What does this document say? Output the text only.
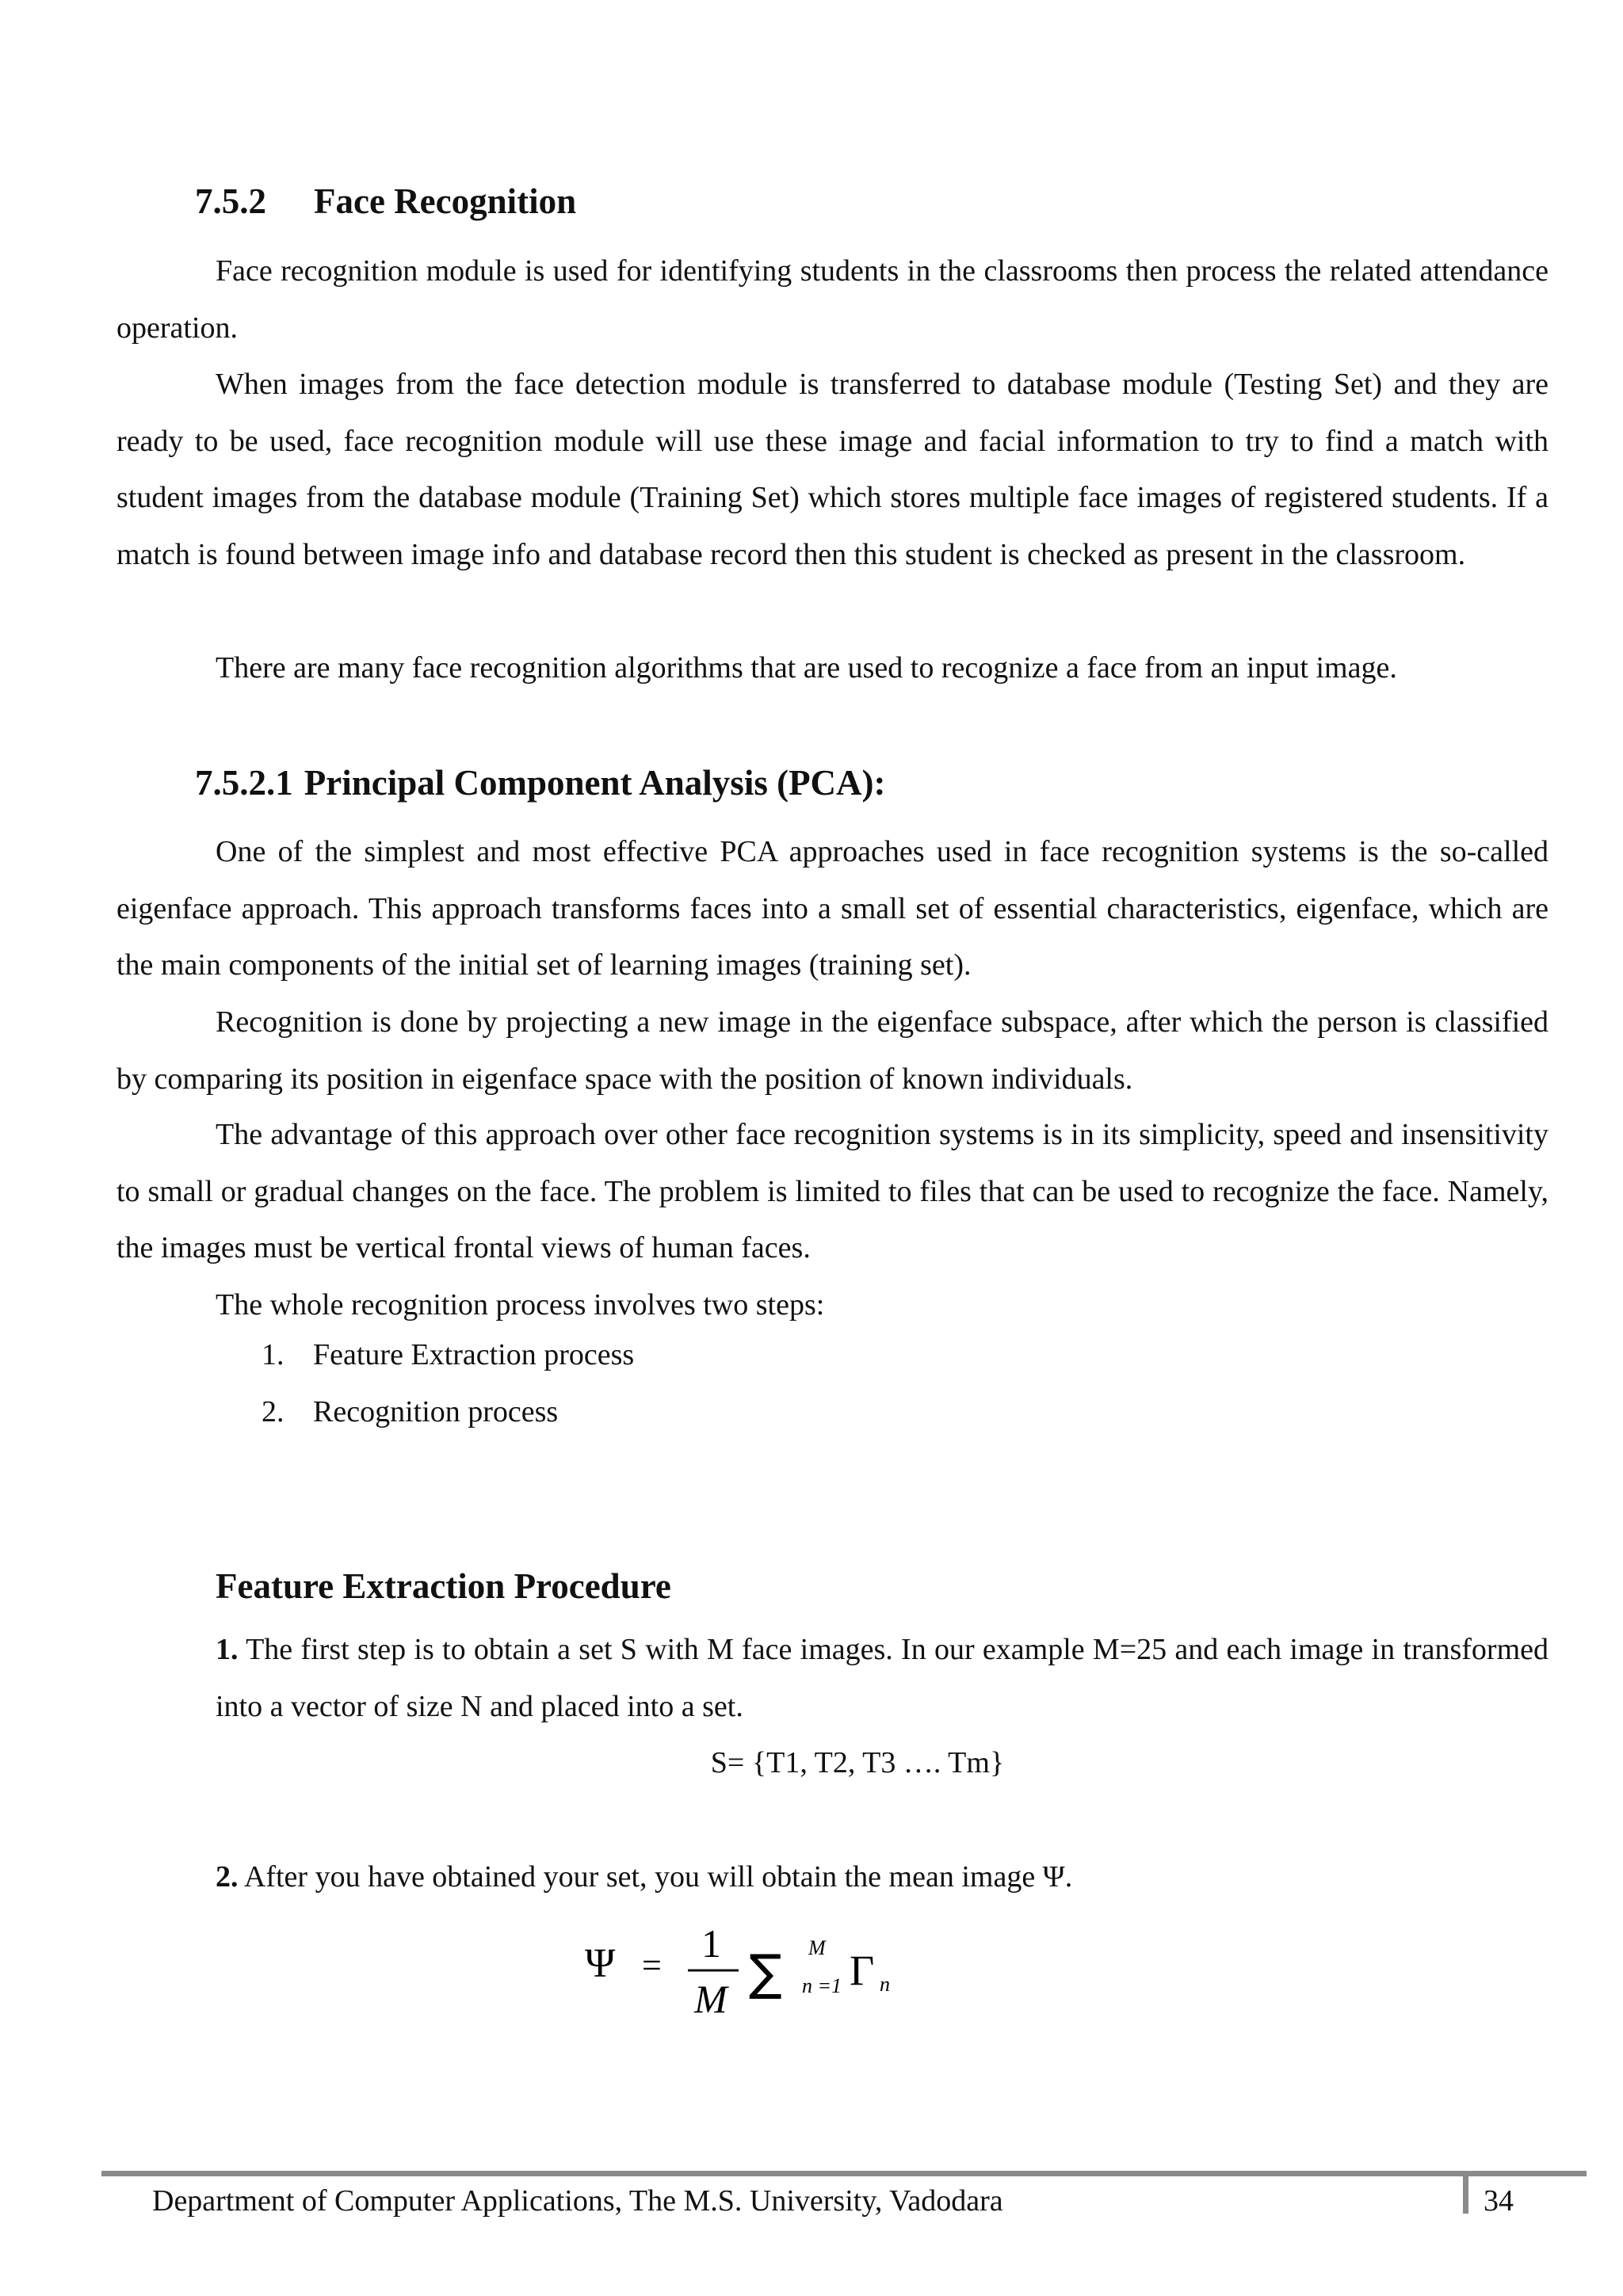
7.5.2 Face Recognition

Face recognition module is used for identifying students in the classrooms then process the related attendance operation.

When images from the face detection module is transferred to database module (Testing Set) and they are ready to be used, face recognition module will use these image and facial information to try to find a match with student images from the database module (Training Set) which stores multiple face images of registered students. If a match is found between image info and database record then this student is checked as present in the classroom.

There are many face recognition algorithms that are used to recognize a face from an input image.

7.5.2.1 Principal Component Analysis (PCA):

One of the simplest and most effective PCA approaches used in face recognition systems is the so-called eigenface approach. This approach transforms faces into a small set of essential characteristics, eigenface, which are the main components of the initial set of learning images (training set).

Recognition is done by projecting a new image in the eigenface subspace, after which the person is classified by comparing its position in eigenface space with the position of known individuals.

The advantage of this approach over other face recognition systems is in its simplicity, speed and insensitivity to small or gradual changes on the face. The problem is limited to files that can be used to recognize the face. Namely, the images must be vertical frontal views of human faces.

The whole recognition process involves two steps:

1. Feature Extraction process
2. Recognition process
Feature Extraction Procedure

1. The first step is to obtain a set S with M face images. In our example M=25 and each image in transformed into a vector of size N and placed into a set.

S= {T1, T2, T3 …. Tm}

2. After you have obtained your set, you will obtain the mean image Ψ.

Ψ = 1
M ∑ M
n =1 Γ n
Department of Computer Applications, The M.S. University, Vadodara	34
